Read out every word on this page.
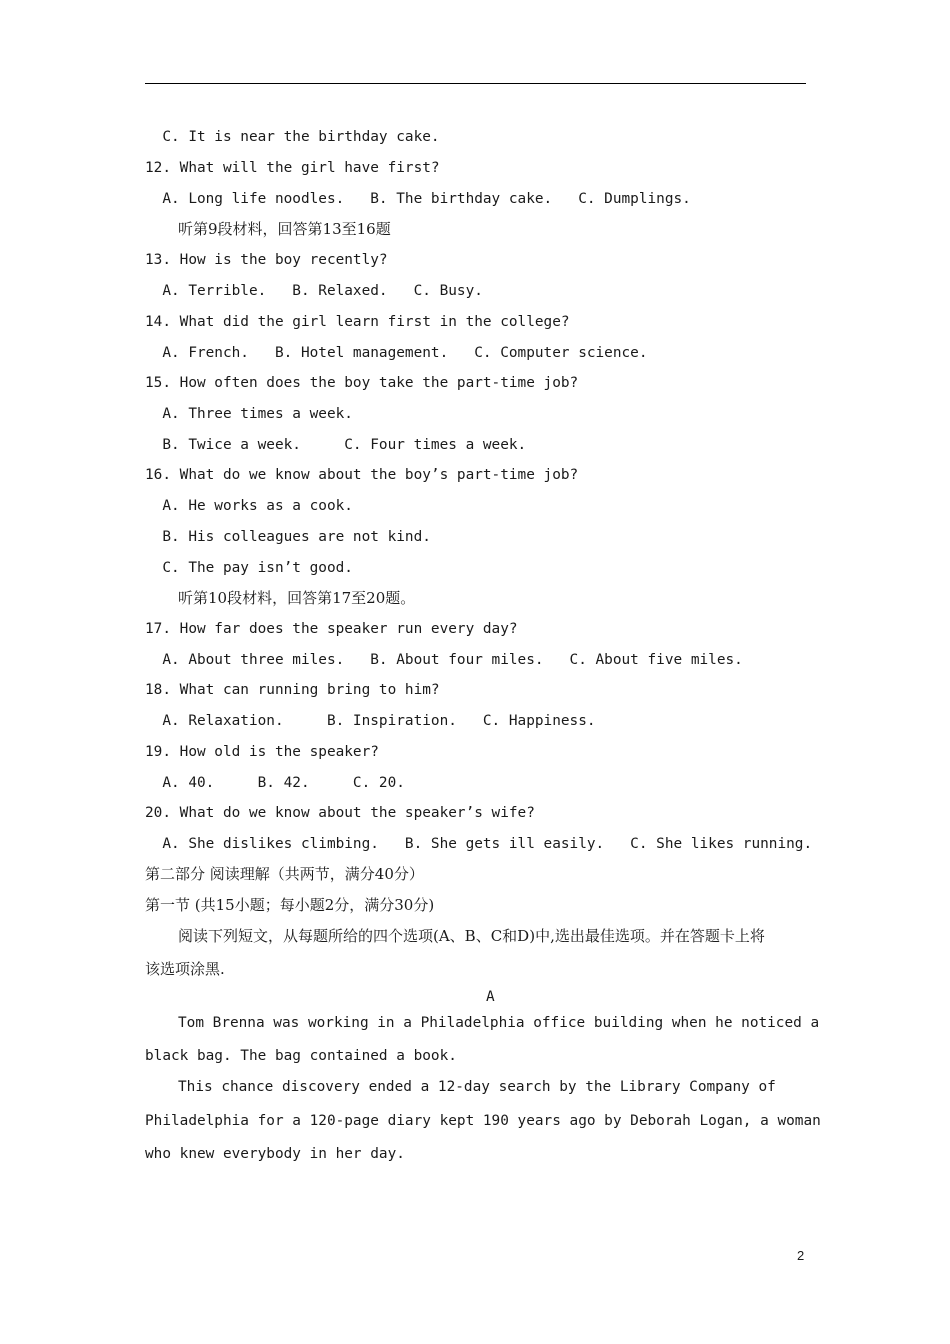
C. It is near the birthday cake.
12. What will the girl have first?
A. Long life noodles.   B. The birthday cake.   C. Dumplings.
听第9段材料，回答第13至16题
13. How is the boy recently?
A. Terrible.   B. Relaxed.   C. Busy.
14. What did the girl learn first in the college?
A. French.   B. Hotel management.   C. Computer science.
15. How often does the boy take the part-time job?
A. Three times a week.
B. Twice a week.     C. Four times a week.
16. What do we know about the boy’s part-time job?
A. He works as a cook.
B. His colleagues are not kind.
C. The pay isn’t good.
听第10段材料，回答第17至20题。
17. How far does the speaker run every day?
A. About three miles.   B. About four miles.   C. About five miles.
18. What can running bring to him?
A. Relaxation.     B. Inspiration.   C. Happiness.
19. How old is the speaker?
A. 40.     B. 42.     C. 20.
20. What do we know about the speaker’s wife?
A. She dislikes climbing.   B. She gets ill easily.   C. She likes running.
第二部分 阅读理解（共两节，满分40分）
第一节 (共15小题；每小题2分，满分30分)
阅读下列短文，从每题所给的四个选项(A、B、C和D)中,选出最佳选项。并在答题卡上将
该选项涂黑.
A
Tom Brenna was working in a Philadelphia office building when he noticed a
black bag. The bag contained a book.
This chance discovery ended a 12-day search by the Library Company of
Philadelphia for a 120-page diary kept 190 years ago by Deborah Logan, a woman
who knew everybody in her day.
2
